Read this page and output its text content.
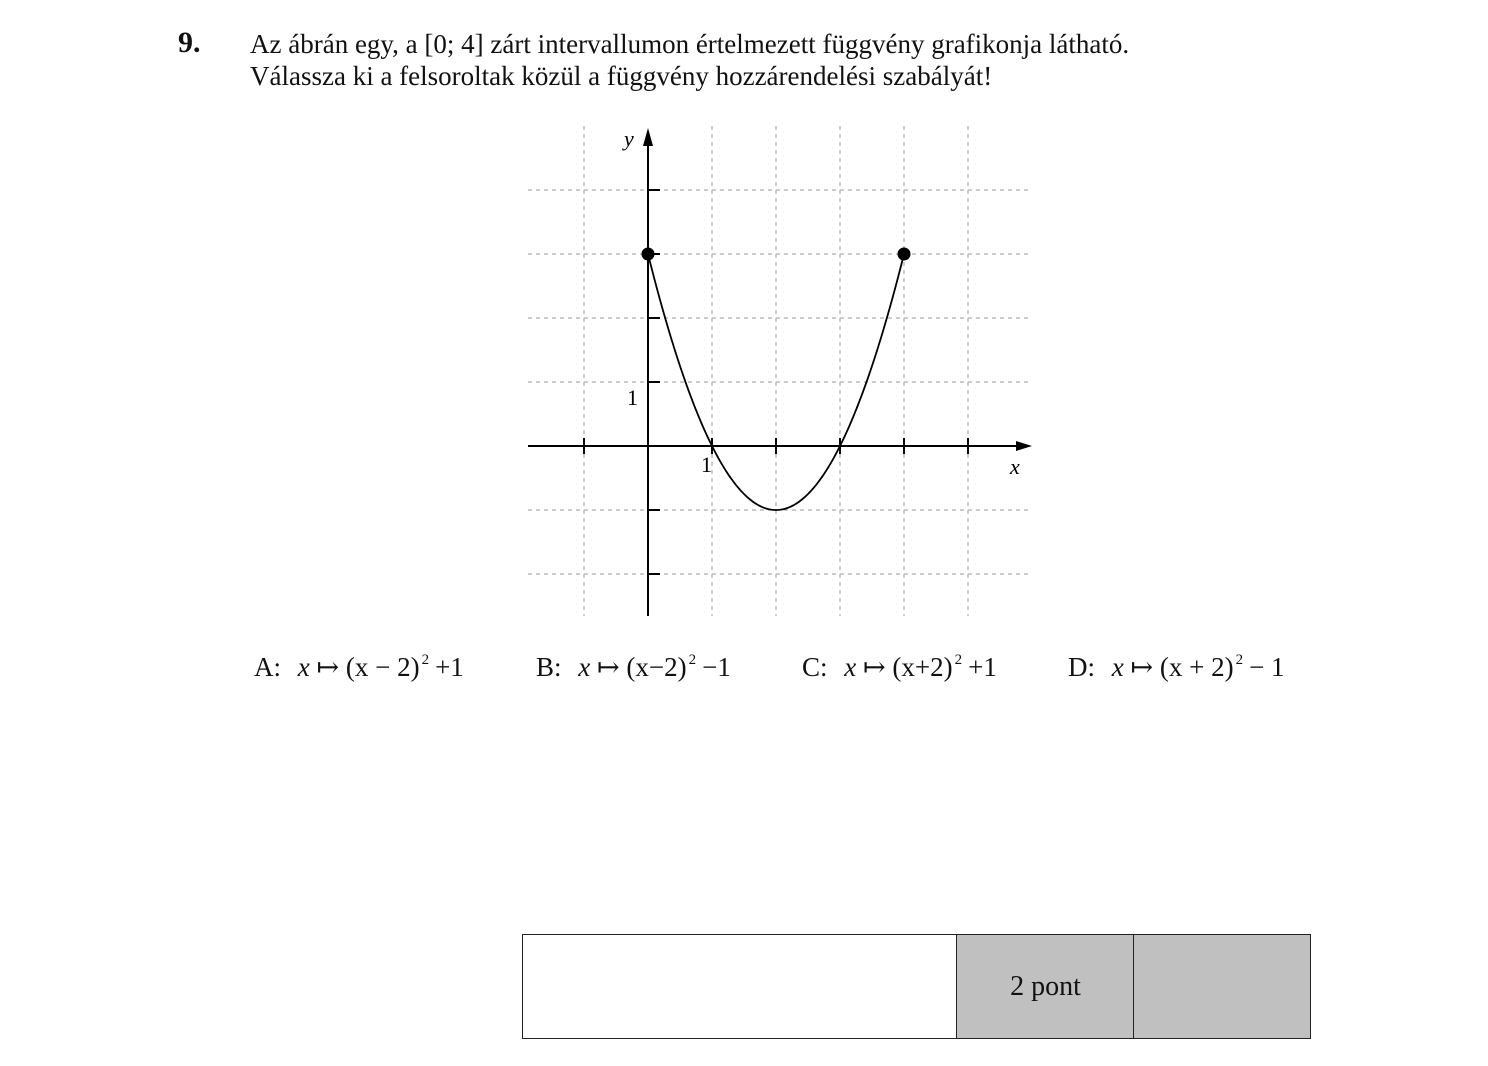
9. Az ábrán egy, a [0; 4] zárt intervallumon értelmezett függvény grafikonja látható.
Válassza ki a felsoroltak közül a függvény hozzárendelési szabályát!
x
y
1
1
A: x ↦ (x − 2) $^2$ +1	B: x ↦ (x−2) $^2$ −1	C: x ↦ (x+2) $^2$ +1	D: x ↦ (x + 2) $^2$ − 1
2 pont
